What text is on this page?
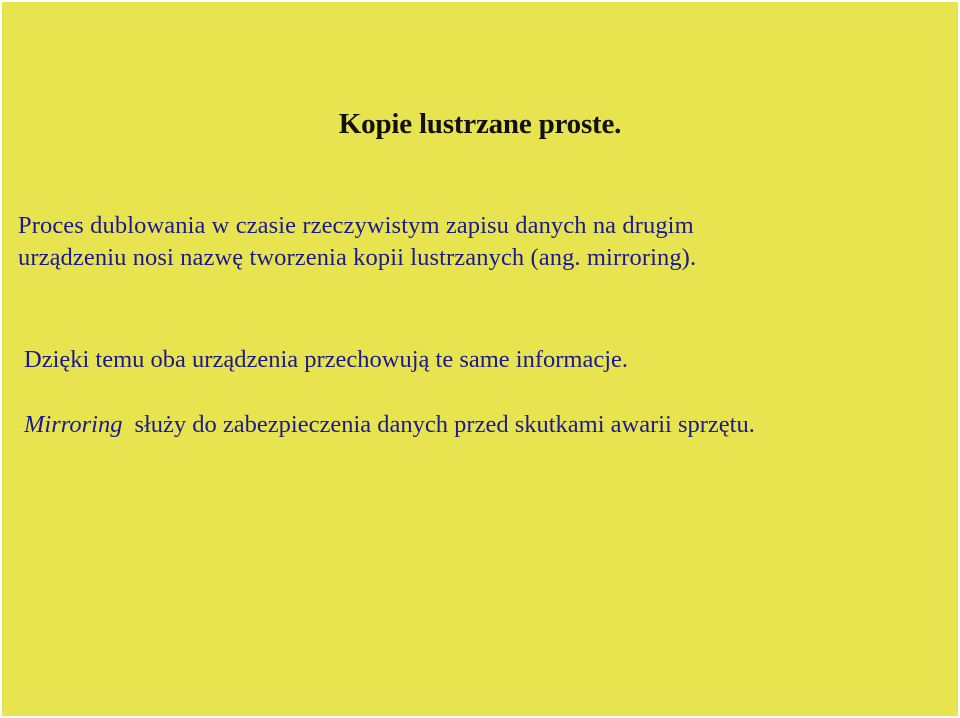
Kopie lustrzane proste.
Proces dublowania w czasie rzeczywistym zapisu danych na drugim
urządzeniu nosi nazwę tworzenia kopii lustrzanych (ang. mirroring).
Dzięki temu oba urządzenia przechowują te same informacje.
Mirroring służy do zabezpieczenia danych przed skutkami awarii sprzętu.
